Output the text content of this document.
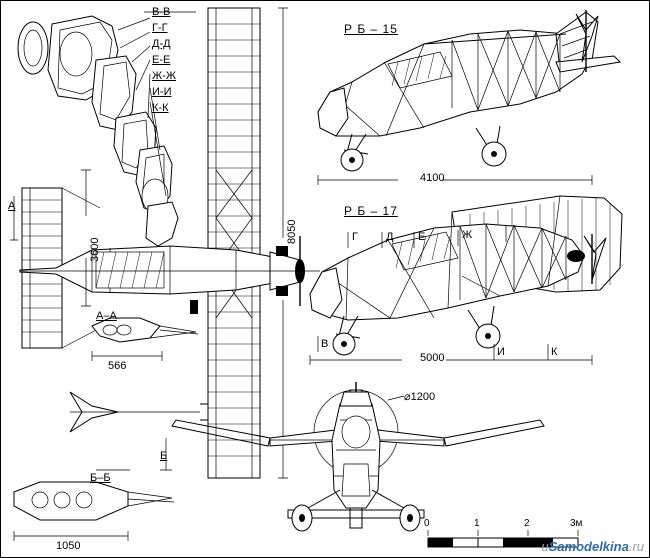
В-В
Г-Г
Д-Д
Е-Е
Ж-Ж
И-И
К-К
А
А–А
Б
Б–Б
8050
3600
566
1050
Р Б – 15
4100
Р Б – 17
5000
Г	Д Е	Ж
В
И	К
⌀1200
0	1	2	3м
иSamodelkina.ru
